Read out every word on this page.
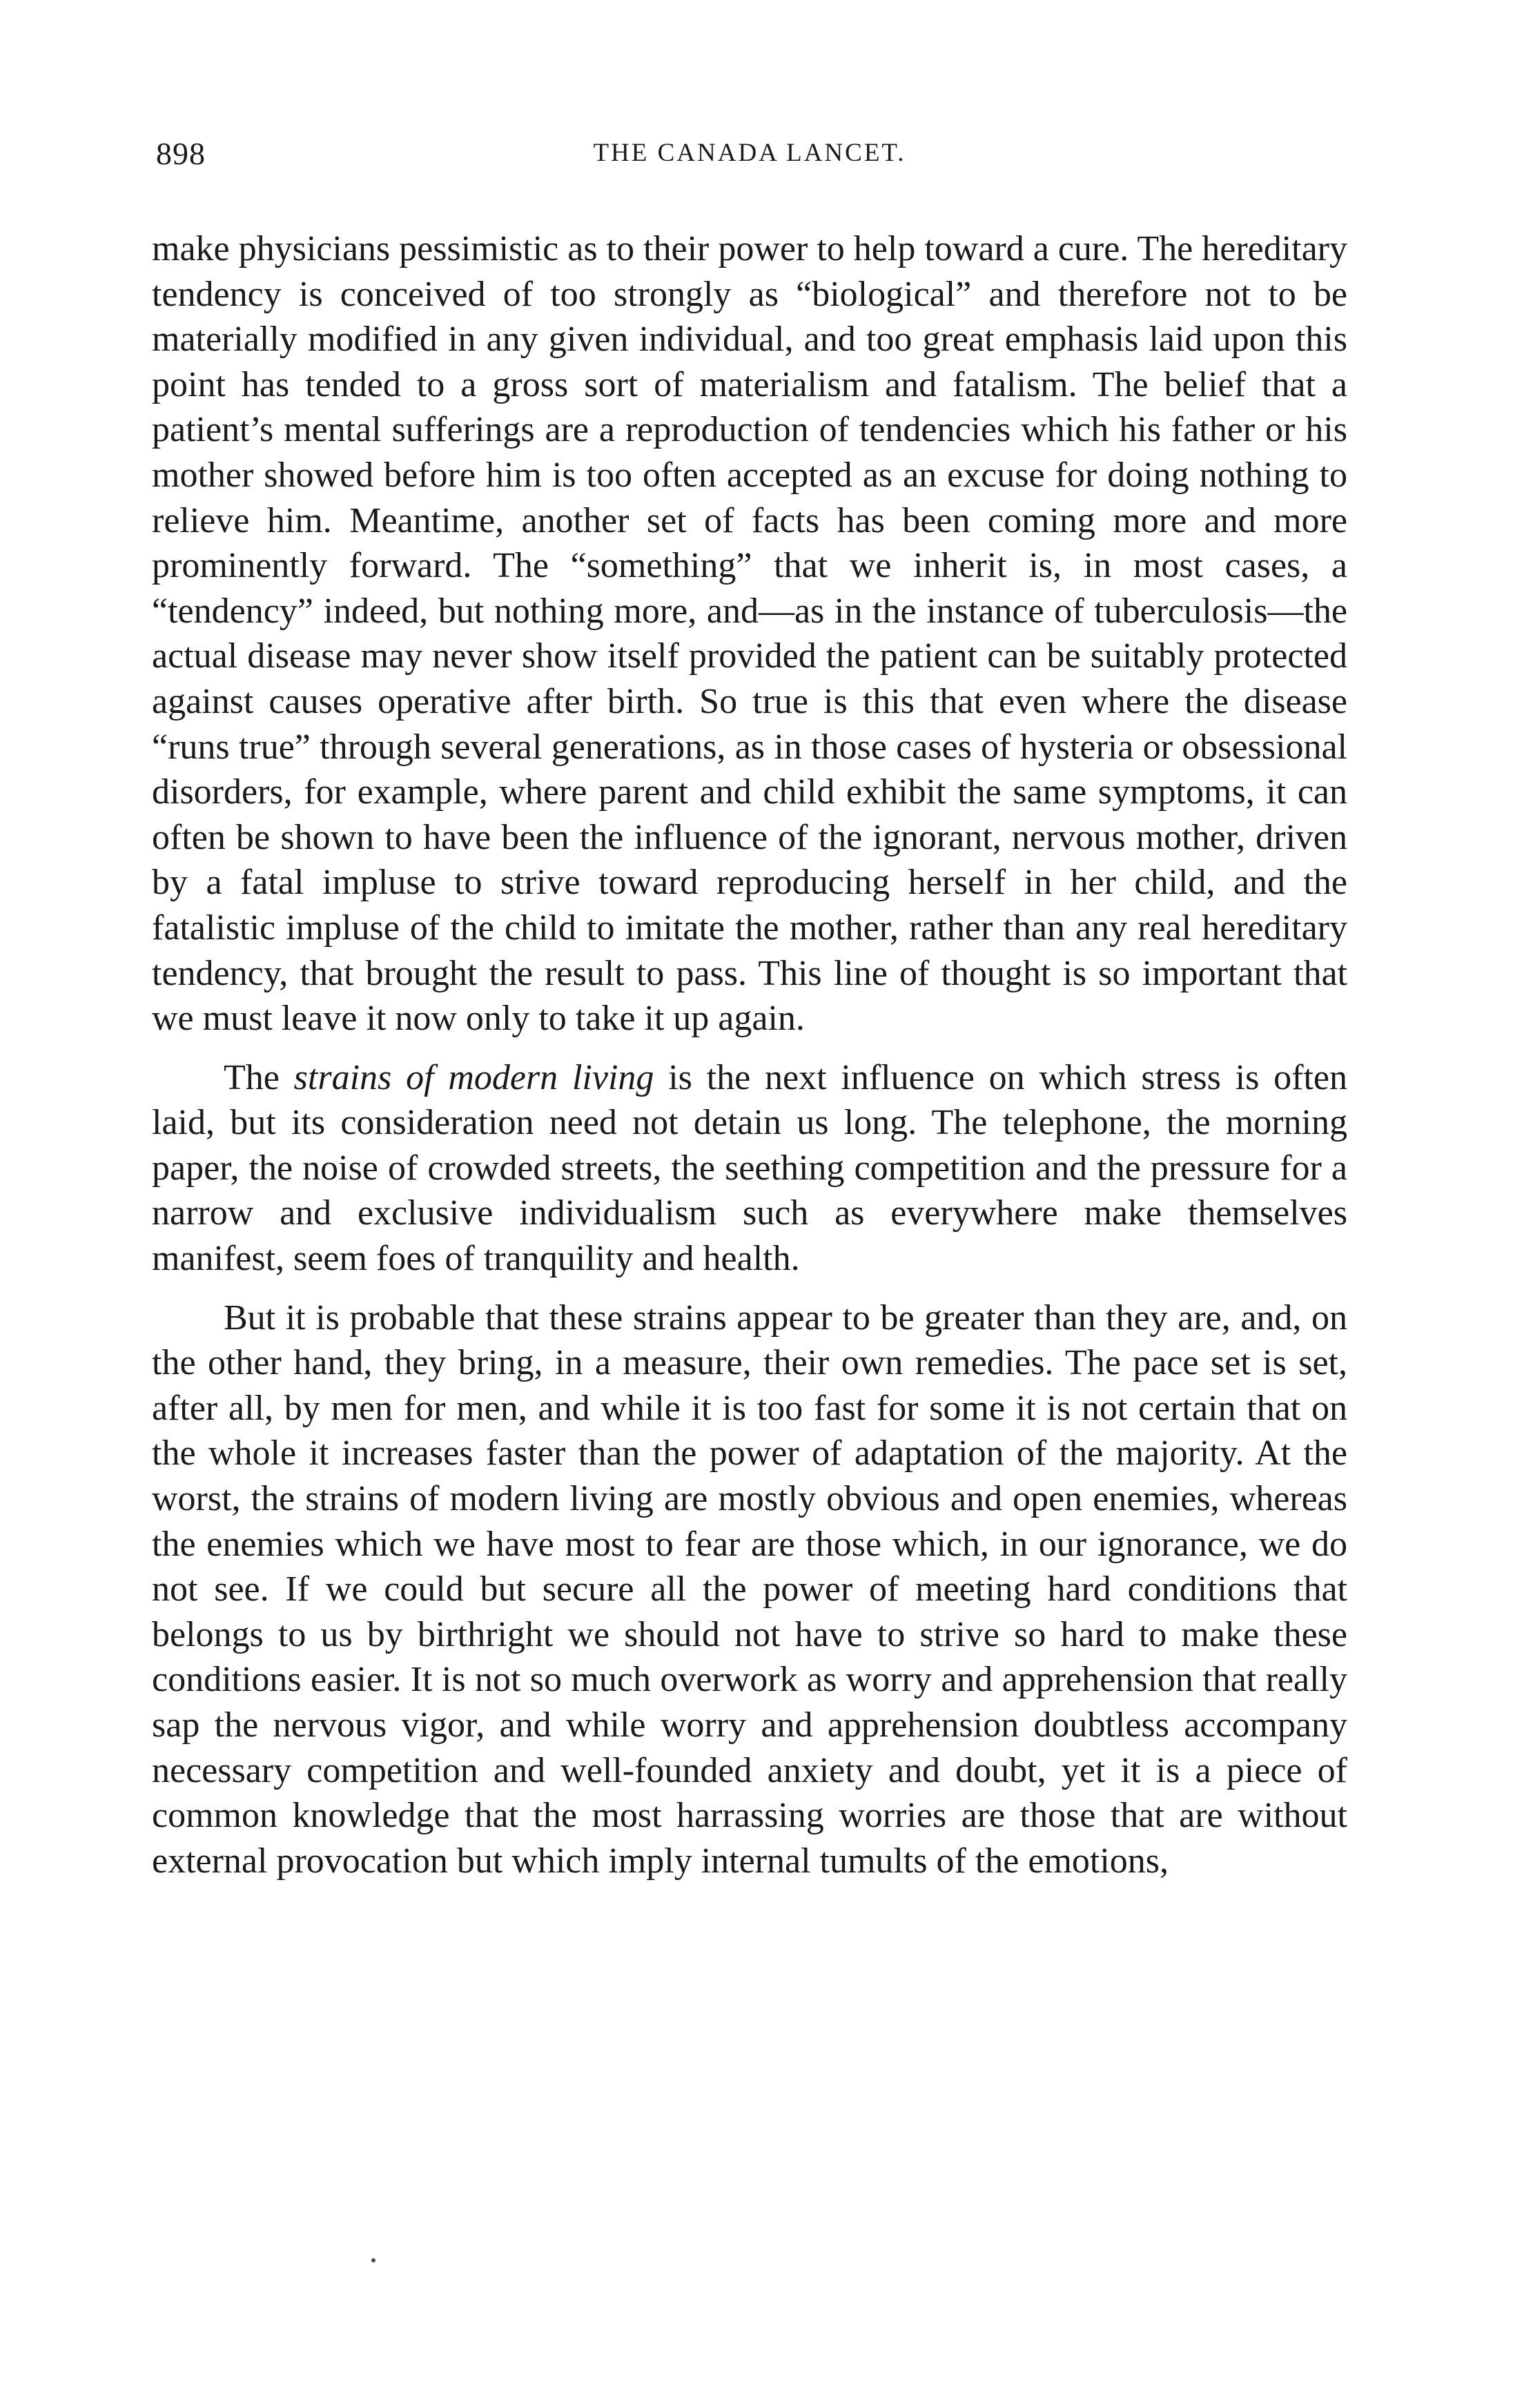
898	THE CANADA LANCET.

make physicians pessimistic as to their power to help toward a cure. The hereditary tendency is conceived of too strongly as “biological” and therefore not to be materially modified in any given individual, and too great emphasis laid upon this point has tended to a gross sort of materialism and fatalism. The belief that a patient’s mental sufferings are a reproduction of tendencies which his father or his mother showed before him is too often accepted as an excuse for doing nothing to relieve him. Meantime, another set of facts has been coming more and more prominently forward. The “something” that we inherit is, in most cases, a “tendency” indeed, but nothing more, and—as in the instance of tuberculosis—the actual disease may never show itself provided the patient can be suitably protected against causes operative after birth. So true is this that even where the disease “runs true” through several generations, as in those cases of hysteria or obsessional disorders, for example, where parent and child exhibit the same symptoms, it can often be shown to have been the influence of the ignorant, nervous mother, driven by a fatal impluse to strive toward reproducing herself in her child, and the fatalistic impluse of the child to imitate the mother, rather than any real hereditary tendency, that brought the result to pass. This line of thought is so important that we must leave it now only to take it up again.

The strains of modern living is the next influence on which stress is often laid, but its consideration need not detain us long. The telephone, the morning paper, the noise of crowded streets, the seething competition and the pressure for a narrow and exclusive individualism such as everywhere make themselves manifest, seem foes of tranquility and health.

But it is probable that these strains appear to be greater than they are, and, on the other hand, they bring, in a measure, their own remedies. The pace set is set, after all, by men for men, and while it is too fast for some it is not certain that on the whole it increases faster than the power of adaptation of the majority. At the worst, the strains of modern living are mostly obvious and open enemies, whereas the enemies which we have most to fear are those which, in our ignorance, we do not see. If we could but secure all the power of meeting hard conditions that belongs to us by birthright we should not have to strive so hard to make these conditions easier. It is not so much overwork as worry and apprehension that really sap the nervous vigor, and while worry and apprehension doubtless accompany necessary competition and well-founded anxiety and doubt, yet it is a piece of common knowledge that the most harrassing worries are those that are without external provocation but which imply internal tumults of the emotions,
